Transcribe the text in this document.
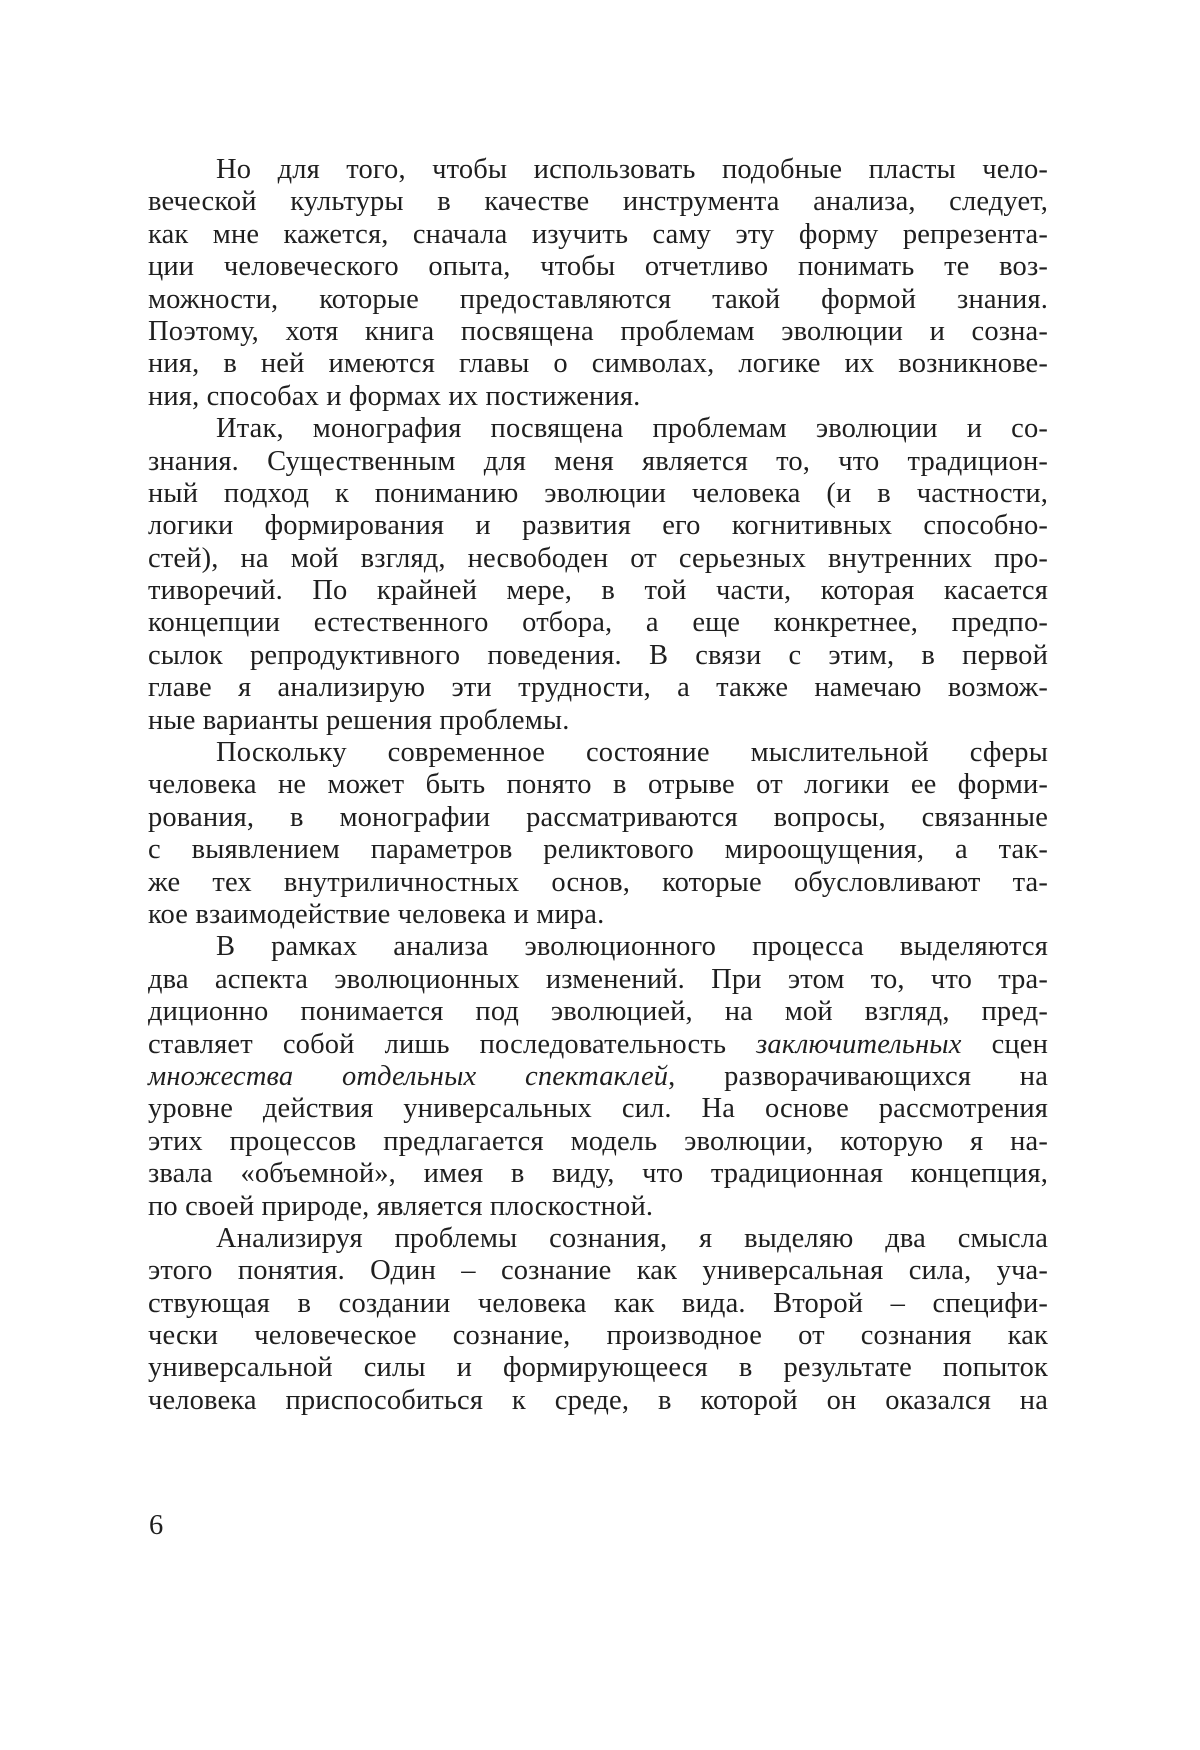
Но для того, чтобы использовать подобные пласты чело-
веческой культуры в качестве инструмента анализа, следует,
как мне кажется, сначала изучить саму эту форму репрезента-
ции человеческого опыта, чтобы отчетливо понимать те воз-
можности, которые предоставляются такой формой знания.
Поэтому, хотя книга посвящена проблемам эволюции и созна-
ния, в ней имеются главы о символах, логике их возникнове-
ния, способах и формах их постижения.
Итак, монография посвящена проблемам эволюции и со-
знания. Существенным для меня является то, что традицион-
ный подход к пониманию эволюции человека (и в частности,
логики формирования и развития его когнитивных способно-
стей), на мой взгляд, несвободен от серьезных внутренних про-
тиворечий. По крайней мере, в той части, которая касается
концепции естественного отбора, а еще конкретнее, предпо-
сылок репродуктивного поведения. В связи с этим, в первой
главе я анализирую эти трудности, а также намечаю возмож-
ные варианты решения проблемы.
Поскольку современное состояние мыслительной сферы
человека не может быть понято в отрыве от логики ее форми-
рования, в монографии рассматриваются вопросы, связанные
с выявлением параметров реликтового мироощущения, а так-
же тех внутриличностных основ, которые обусловливают та-
кое взаимодействие человека и мира.
В рамках анализа эволюционного процесса выделяются
два аспекта эволюционных изменений. При этом то, что тра-
диционно понимается под эволюцией, на мой взгляд, пред-
ставляет собой лишь последовательность заключительных сцен
множества отдельных спектаклей, разворачивающихся на
уровне действия универсальных сил. На основе рассмотрения
этих процессов предлагается модель эволюции, которую я на-
звала «объемной», имея в виду, что традиционная концепция,
по своей природе, является плоскостной.
Анализируя проблемы сознания, я выделяю два смысла
этого понятия. Один – сознание как универсальная сила, уча-
ствующая в создании человека как вида. Второй – специфи-
чески человеческое сознание, производное от сознания как
универсальной силы и формирующееся в результате попыток
человека приспособиться к среде, в которой он оказался на
6
